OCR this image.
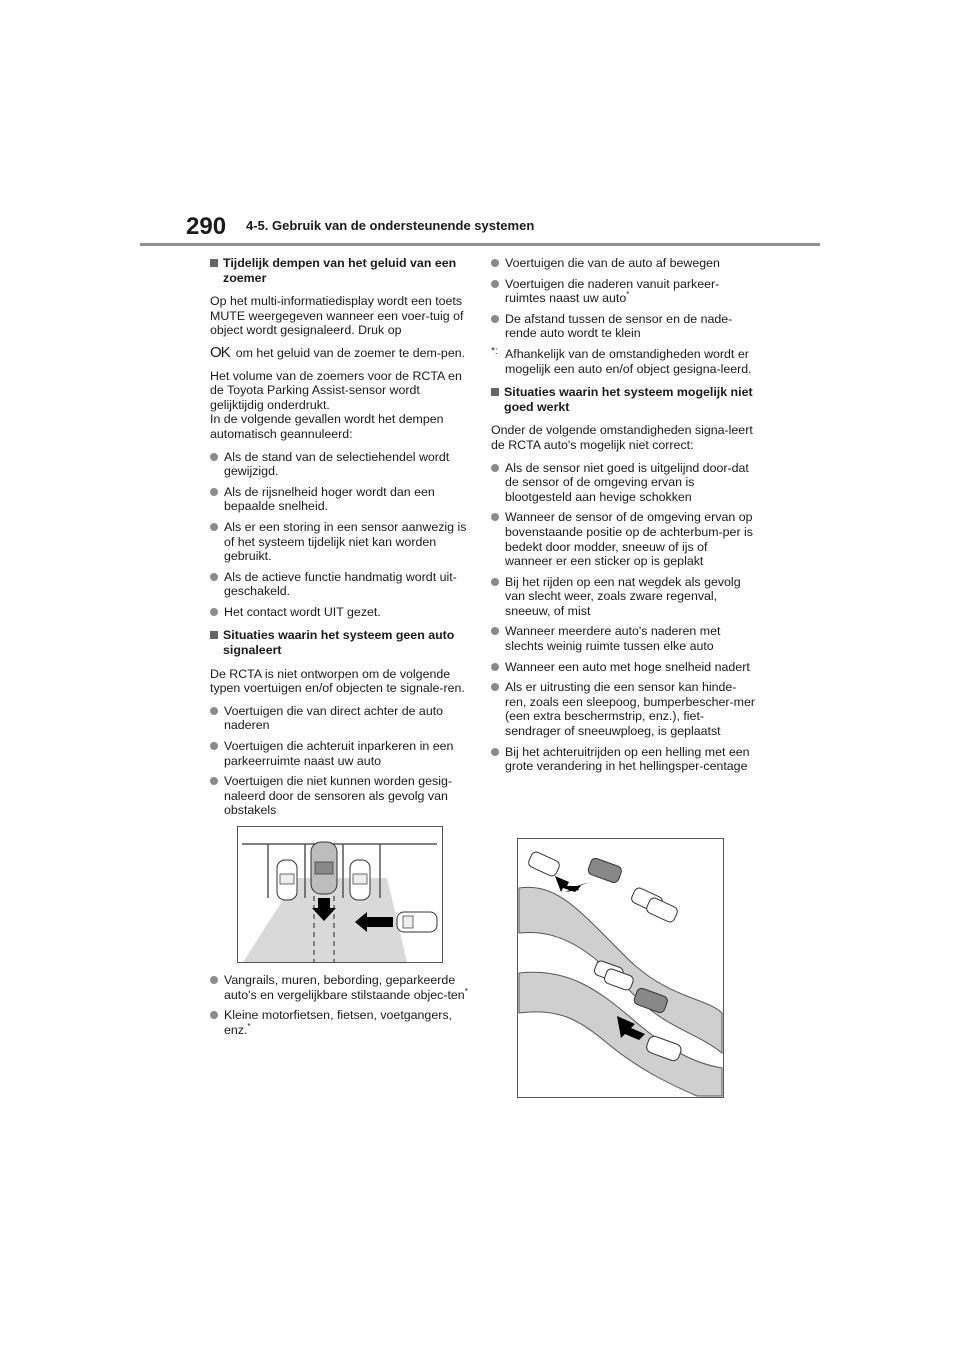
290 4-5. Gebruik van de ondersteunende systemen
Tijdelijk dempen van het geluid van een zoemer
Op het multi-informatiedisplay wordt een toets MUTE weergegeven wanneer een voer-tuig of object wordt gesignaleerd. Druk op
OK om het geluid van de zoemer te dem-pen.
Het volume van de zoemers voor de RCTA en de Toyota Parking Assist-sensor wordt gelijktijdig onderdrukt.
In de volgende gevallen wordt het dempen automatisch geannuleerd:
Als de stand van de selectiehendel wordt gewijzigd.
Als de rijsnelheid hoger wordt dan een bepaalde snelheid.
Als er een storing in een sensor aanwezig is of het systeem tijdelijk niet kan worden gebruikt.
Als de actieve functie handmatig wordt uit-geschakeld.
Het contact wordt UIT gezet.
Situaties waarin het systeem geen auto signaleert
De RCTA is niet ontworpen om de volgende typen voertuigen en/of objecten te signale-ren.
Voertuigen die van direct achter de auto naderen
Voertuigen die achteruit inparkeren in een parkeerruimte naast uw auto
Voertuigen die niet kunnen worden gesig-naleerd door de sensoren als gevolg van obstakels
Vangrails, muren, bebording, geparkeerde auto's en vergelijkbare stilstaande objec-ten*
Kleine motorfietsen, fietsen, voetgangers, enz.*
Voertuigen die van de auto af bewegen
Voertuigen die naderen vanuit parkeer-ruimtes naast uw auto*
De afstand tussen de sensor en de nade-rende auto wordt te klein
*: Afhankelijk van de omstandigheden wordt er mogelijk een auto en/of object gesigna-leerd.
Situaties waarin het systeem mogelijk niet goed werkt
Onder de volgende omstandigheden signa-leert de RCTA auto's mogelijk niet correct:
Als de sensor niet goed is uitgelijnd door-dat de sensor of de omgeving ervan is blootgesteld aan hevige schokken
Wanneer de sensor of de omgeving ervan op bovenstaande positie op de achterbum-per is bedekt door modder, sneeuw of ijs of wanneer er een sticker op is geplakt
Bij het rijden op een nat wegdek als gevolg van slecht weer, zoals zware regenval, sneeuw, of mist
Wanneer meerdere auto's naderen met slechts weinig ruimte tussen elke auto
Wanneer een auto met hoge snelheid nadert
Als er uitrusting die een sensor kan hinde-ren, zoals een sleepoog, bumperbescher-mer (een extra beschermstrip, enz.), fiet-sendrager of sneeuwploeg, is geplaatst
Bij het achteruitrijden op een helling met een grote verandering in het hellingsper-centage
